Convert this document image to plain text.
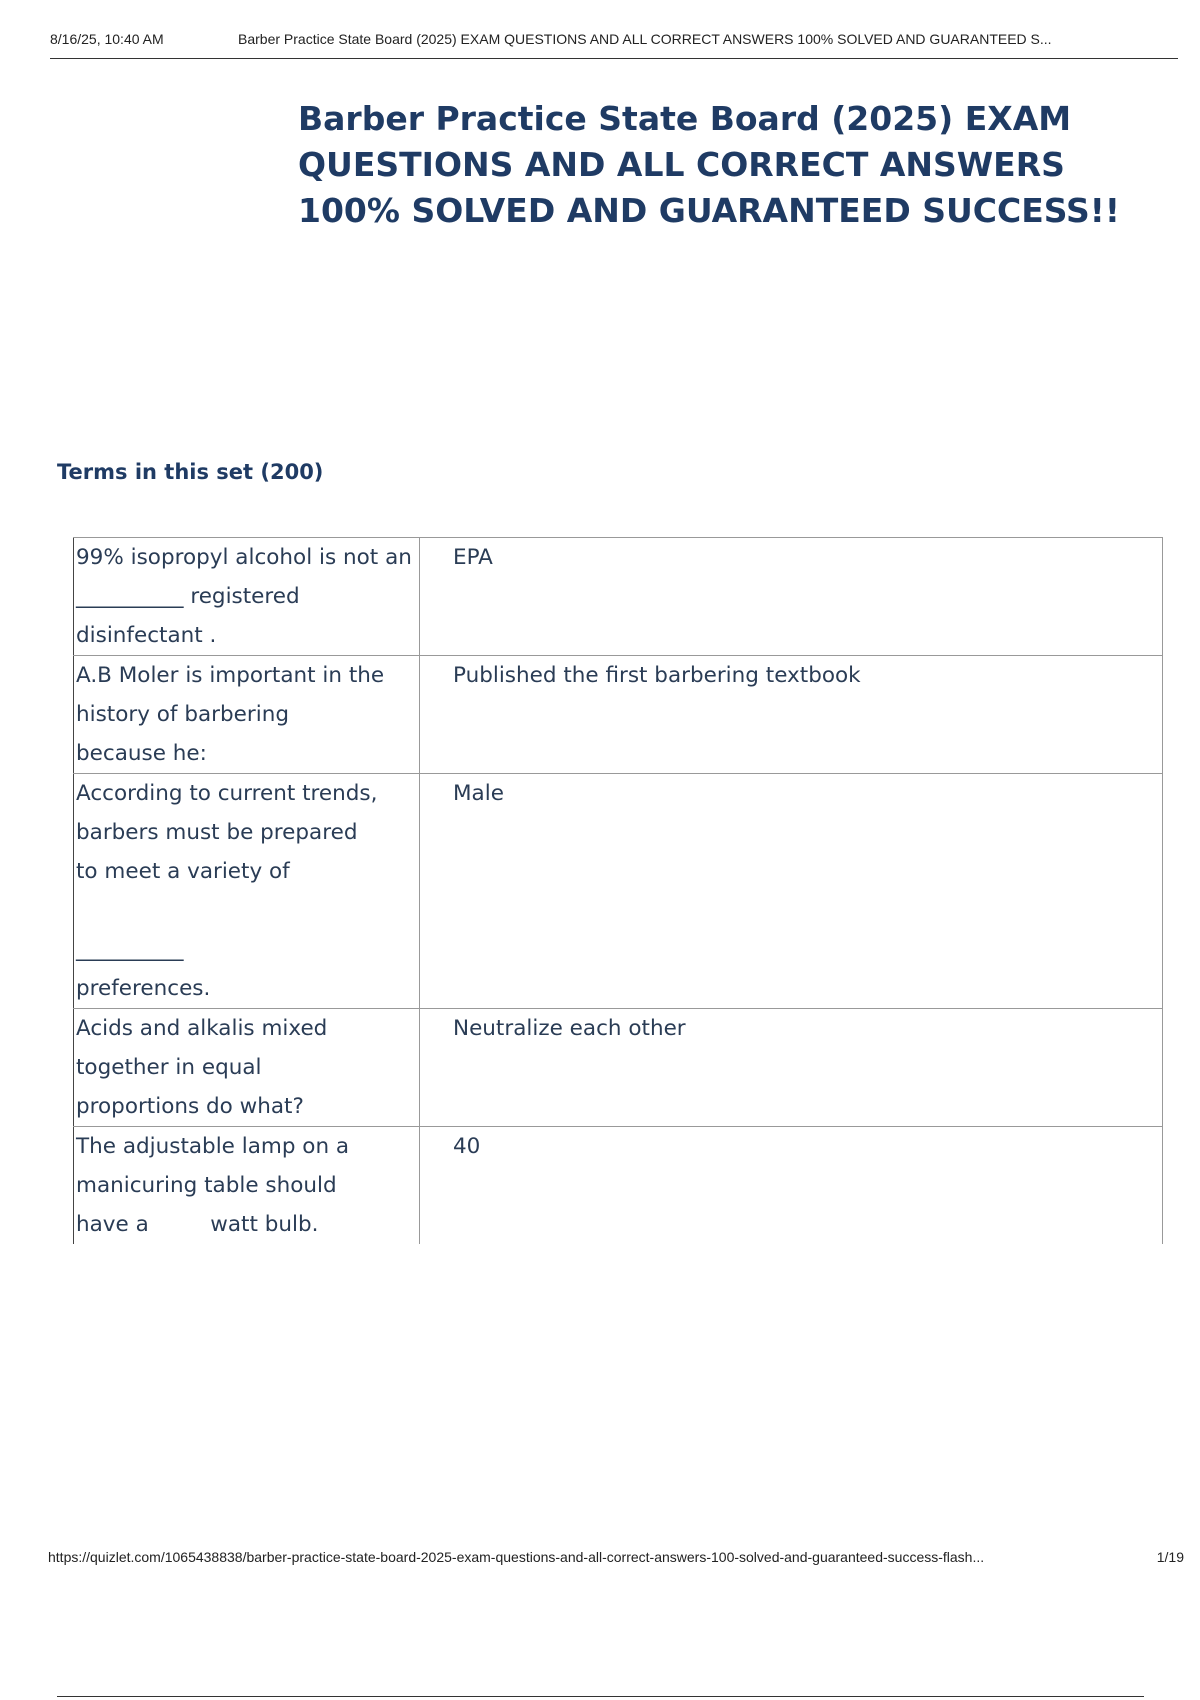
8/16/25, 10:40 AM	Barber Practice State Board (2025) EXAM QUESTIONS AND ALL CORRECT ANSWERS 100% SOLVED AND GUARANTEED S...
Barber Practice State Board (2025) EXAM QUESTIONS AND ALL CORRECT ANSWERS 100% SOLVED AND GUARANTEED SUCCESS!!
Terms in this set (200)
99% isopropyl alcohol is not an
__________ registered
disinfectant .	EPA
A.B Moler is important in the
history of barbering
because he:	Published the first barbering textbook
According to current trends,
barbers must be prepared
to meet a variety of

__________
preferences.	Male
Acids and alkalis mixed
together in equal
proportions do what?	Neutralize each other
The adjustable lamp on a
manicuring table should
have a         watt bulb.	40
https://quizlet.com/1065438838/barber-practice-state-board-2025-exam-questions-and-all-correct-answers-100-solved-and-guaranteed-success-flash...	1/19
